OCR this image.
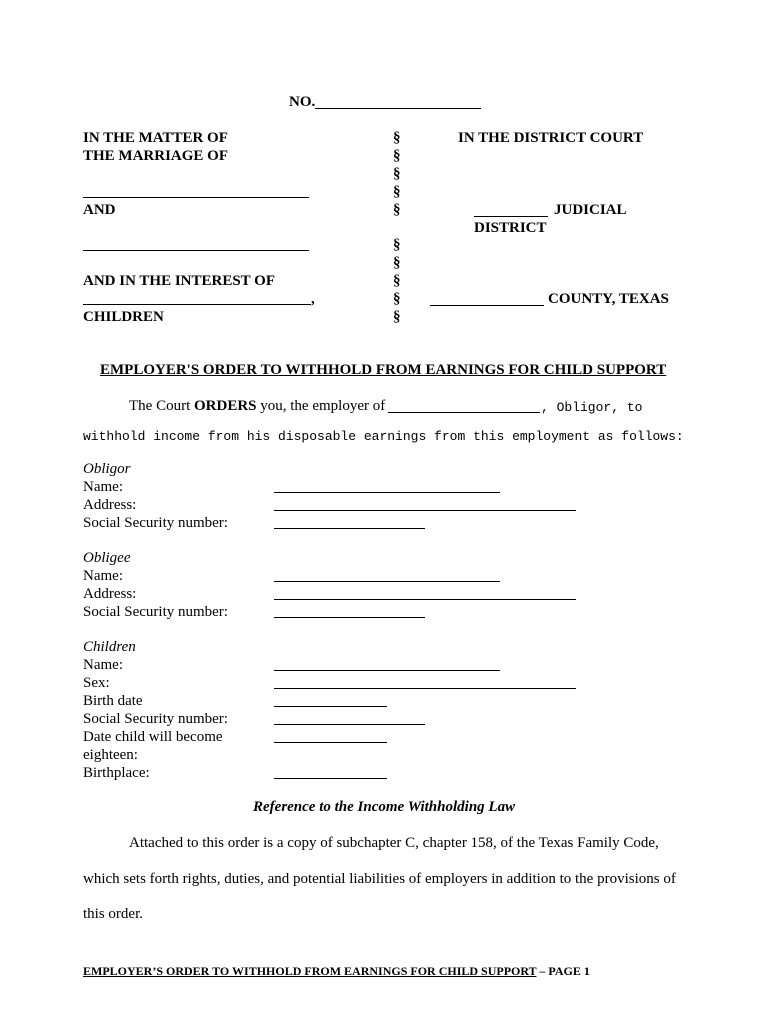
NO.
IN THE MATTER OF
THE MARRIAGE OF
AND
AND IN THE INTEREST OF
,
CHILDREN
§
§
§
§
§
§
§
§
§
§
IN THE DISTRICT COURT
JUDICIAL
DISTRICT
COUNTY, TEXAS
EMPLOYER'S ORDER TO WITHHOLD FROM EARNINGS FOR CHILD SUPPORT
The Court ORDERS you, the employer of	, Obligor, to
withhold income from his disposable earnings from this employment as follows:
Obligor
Name:
Address:
Social Security number:
Obligee
Name:
Address:
Social Security number:
Children
Name:
Sex:
Birth date
Social Security number:
Date child will become
eighteen:
Birthplace:
Reference to the Income Withholding Law
Attached to this order is a copy of subchapter C, chapter 158, of the Texas Family Code,
which sets forth rights, duties, and potential liabilities of employers in addition to the provisions of
this order.
EMPLOYER’S ORDER TO WITHHOLD FROM EARNINGS FOR CHILD SUPPORT – PAGE 1
